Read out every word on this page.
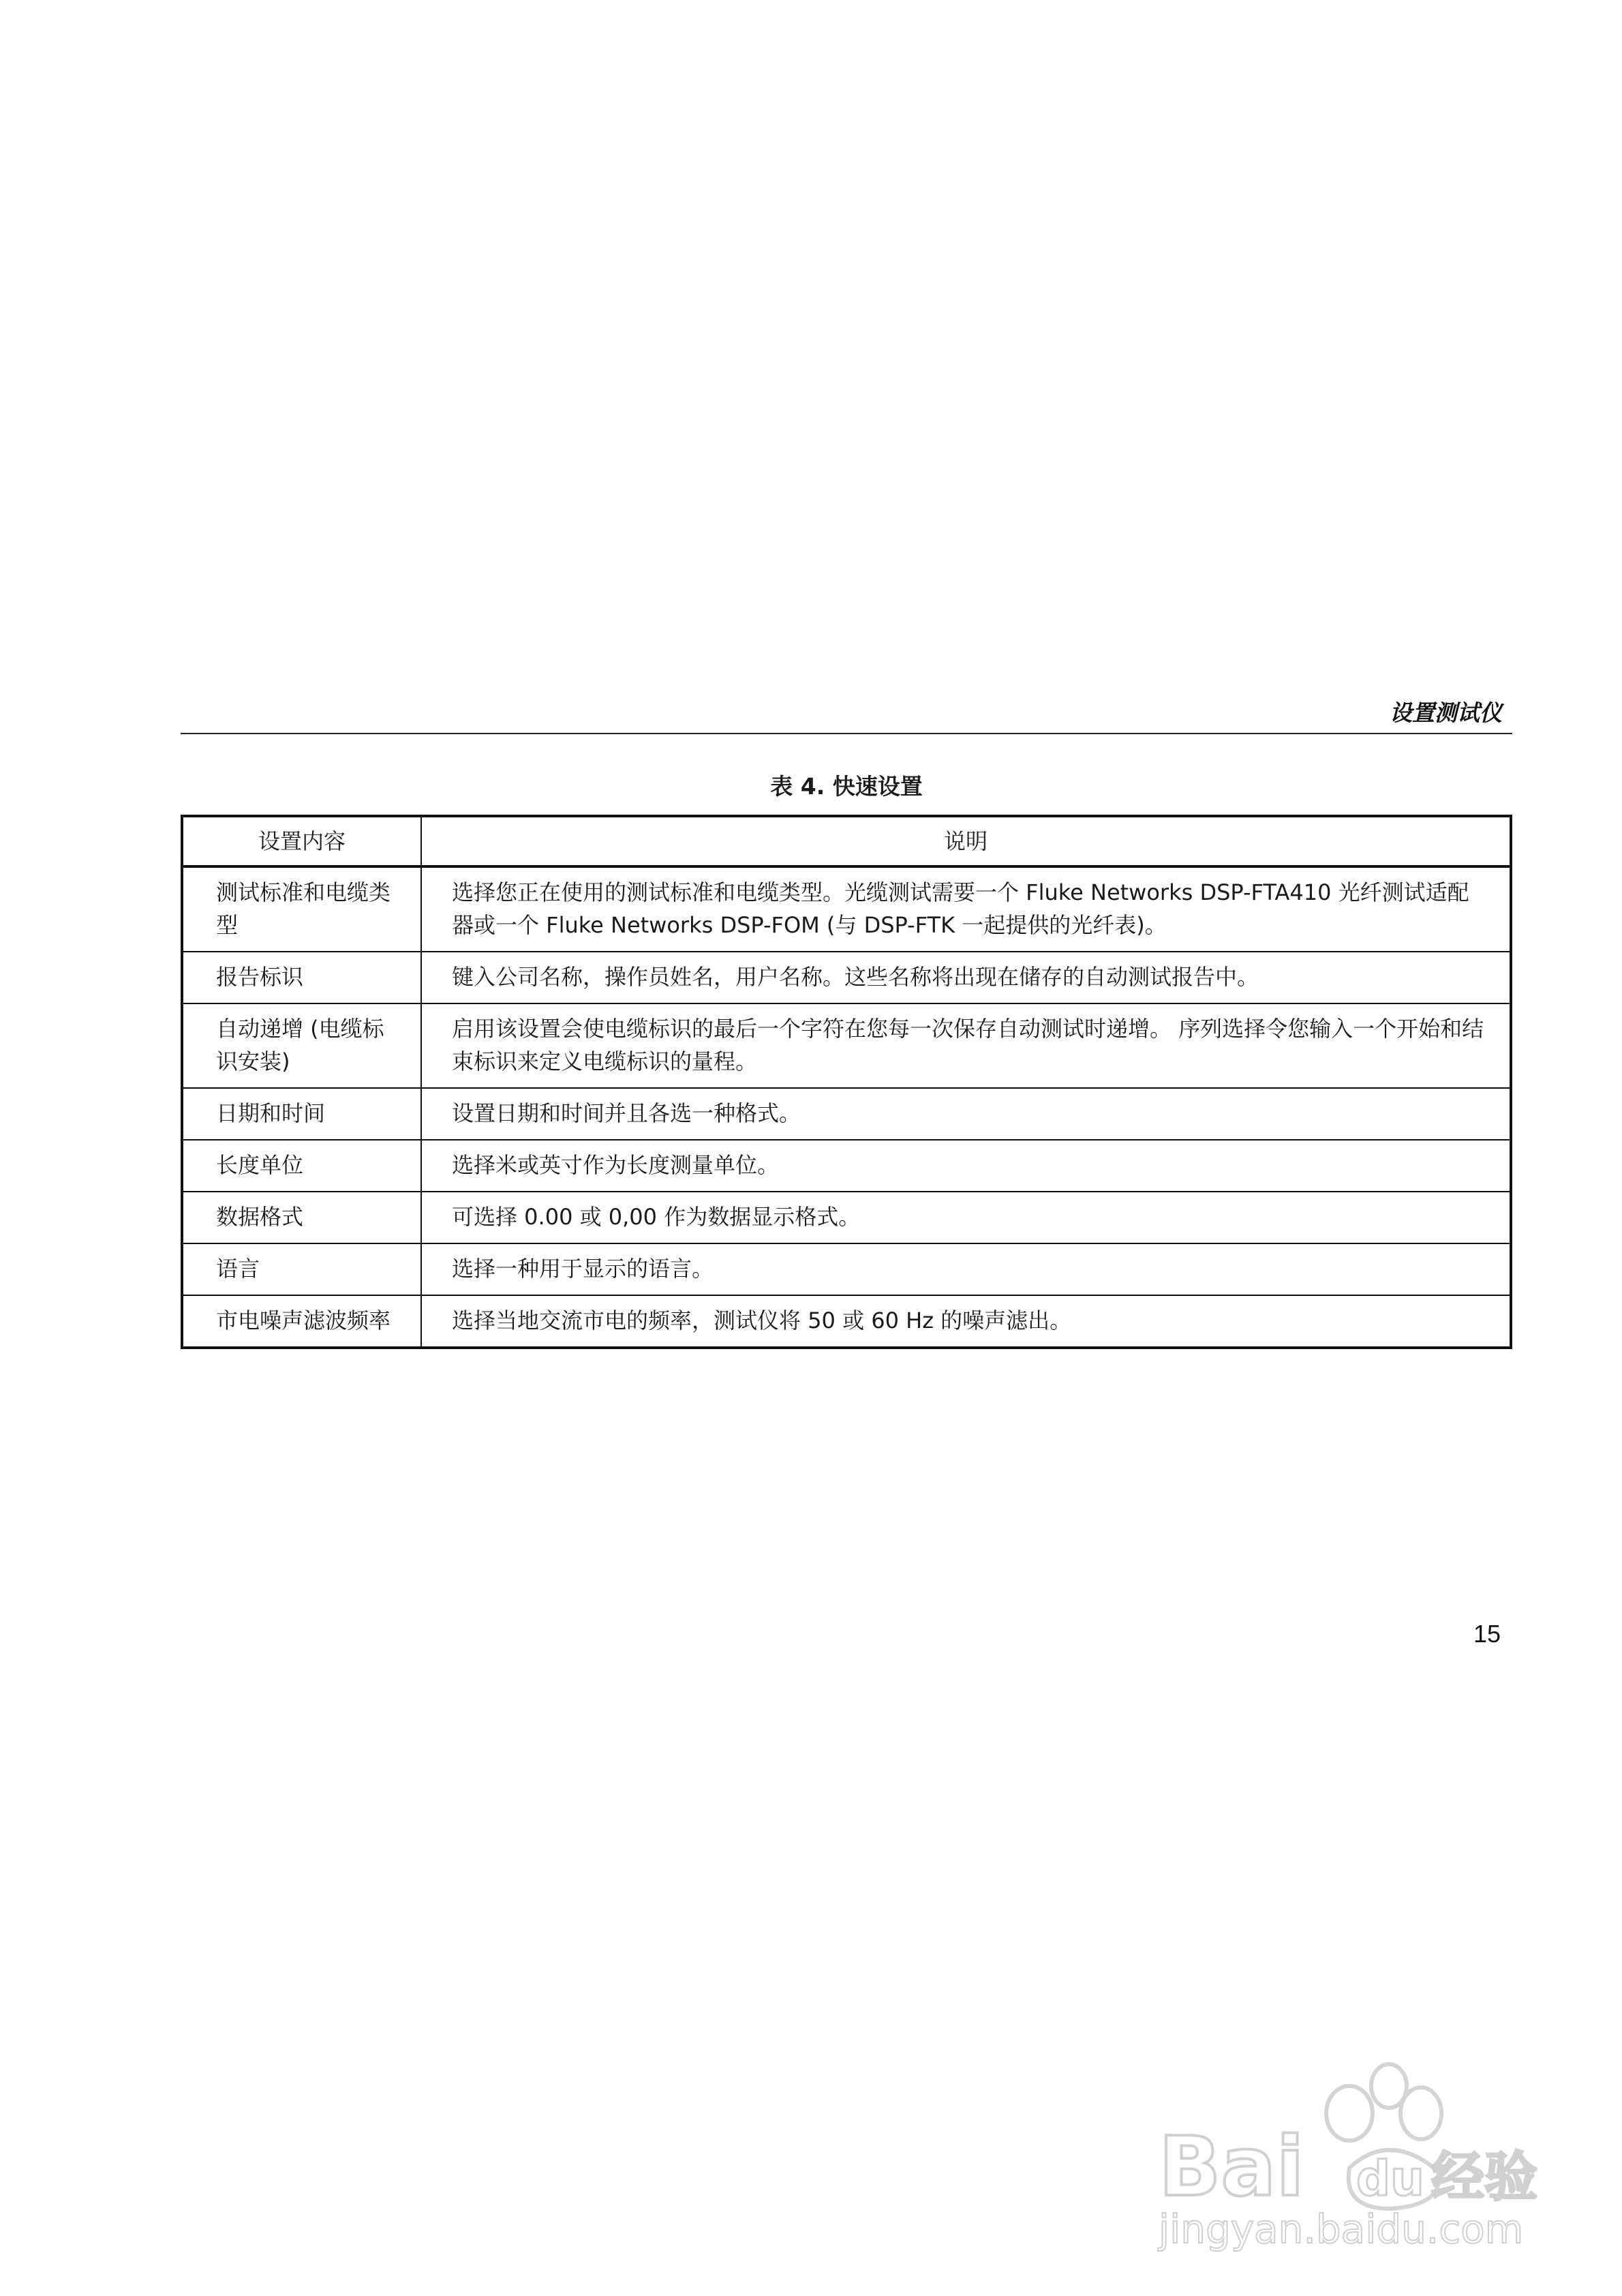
设置测试仪
表 4. 快速设置
设置内容	说明
测试标准和电缆类型	选择您正在使用的测试标准和电缆类型。光缆测试需要一个 Fluke Networks DSP-FTA410 光纤测试适配器或一个 Fluke Networks DSP-FOM (与 DSP-FTK 一起提供的光纤表)。
报告标识	键入公司名称，操作员姓名，用户名称。这些名称将出现在储存的自动测试报告中。
自动递增 (电缆标识安装)	启用该设置会使电缆标识的最后一个字符在您每一次保存自动测试时递增。 序列选择令您输入一个开始和结束标识来定义电缆标识的量程。
日期和时间	设置日期和时间并且各选一种格式。
长度单位	选择米或英寸作为长度测量单位。
数据格式	可选择 0.00 或 0,00 作为数据显示格式。
语言	选择一种用于显示的语言。
市电噪声滤波频率	选择当地交流市电的频率，测试仪将 50 或 60 Hz 的噪声滤出。
15
Bai du 经验
jingyan.baidu.com
